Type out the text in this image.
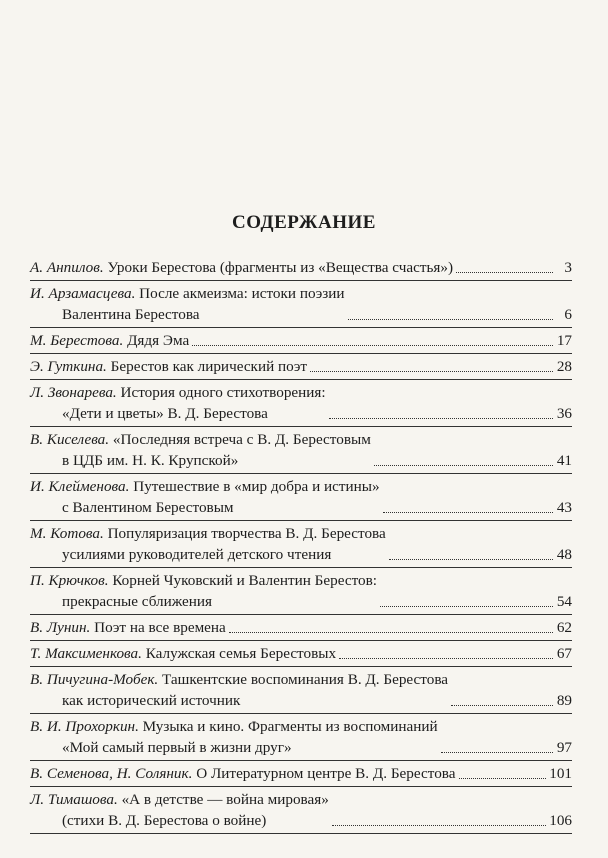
СОДЕРЖАНИЕ
А. Анпилов. Уроки Берестова (фрагменты из «Вещества счастья»)	3
И. Арзамасцева. После акмеизма: истоки поэзии
Валентина Берестова	6
М. Берестова. Дядя Эма	17
Э. Гуткина. Берестов как лирический поэт	28
Л. Звонарева. История одного стихотворения:
«Дети и цветы» В. Д. Берестова	36
В. Киселева. «Последняя встреча с В. Д. Берестовым
в ЦДБ им. Н. К. Крупской»	41
И. Клейменова. Путешествие в «мир добра и истины»
с Валентином Берестовым	43
М. Котова. Популяризация творчества В. Д. Берестова
усилиями руководителей детского чтения	48
П. Крючков. Корней Чуковский и Валентин Берестов:
прекрасные сближения	54
В. Лунин. Поэт на все времена	62
Т. Максименкова. Калужская семья Берестовых	67
В. Пичугина-Мобек. Ташкентские воспоминания В. Д. Берестова
как исторический источник	89
В. И. Прохоркин. Музыка и кино. Фрагменты из воспоминаний
«Мой самый первый в жизни друг»	97
В. Семенова, Н. Соляник. О Литературном центре В. Д. Берестова	101
Л. Тимашова. «А в детстве — война мировая»
(стихи В. Д. Берестова о войне)	106
